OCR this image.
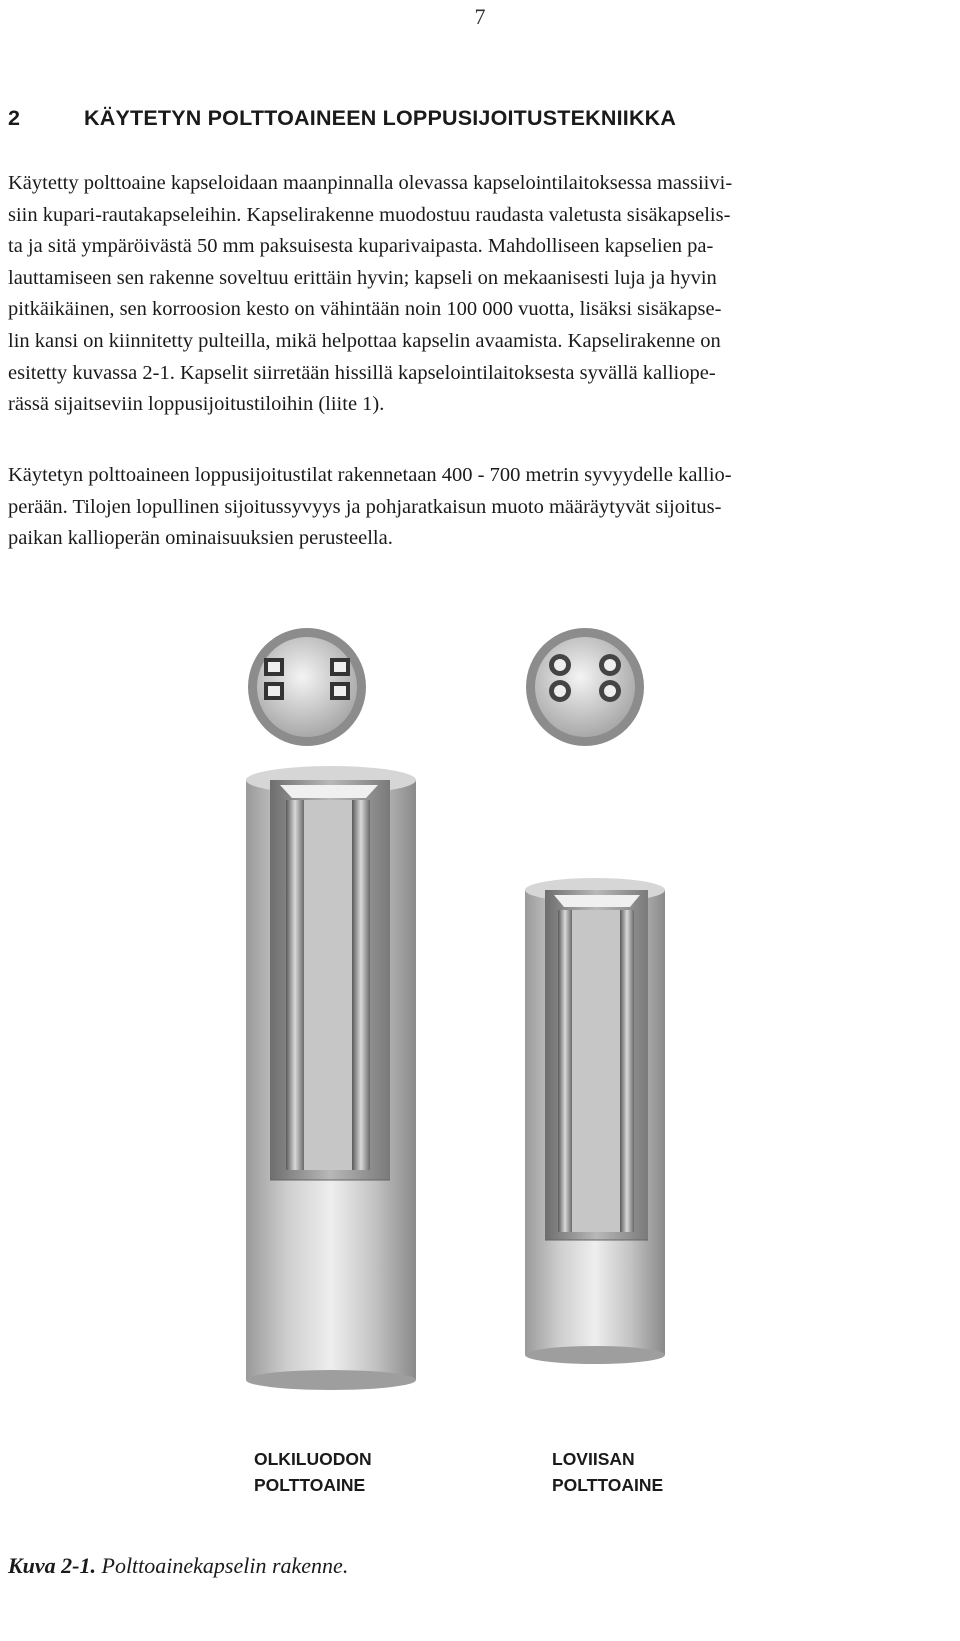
7
2	KÄYTETYN POLTTOAINEEN LOPPUSIJOITUSTEKNIIKKA

Käytetty polttoaine kapseloidaan maanpinnalla olevassa kapselointilaitoksessa massiivi-
siin kupari-rautakapseleihin. Kapselirakenne muodostuu raudasta valetusta sisäkapselis-
ta ja sitä ympäröivästä 50 mm paksuisesta kuparivaipasta. Mahdolliseen kapselien pa-
lauttamiseen sen rakenne soveltuu erittäin hyvin; kapseli on mekaanisesti luja ja hyvin
pitkäikäinen, sen korroosion kesto on vähintään noin 100 000 vuotta, lisäksi sisäkapse-
lin kansi on kiinnitetty pulteilla, mikä helpottaa kapselin avaamista. Kapselirakenne on
esitetty kuvassa 2-1. Kapselit siirretään hissillä kapselointilaitoksesta syvällä kalliope-
rässä sijaitseviin loppusijoitustiloihin (liite 1).

Käytetyn polttoaineen loppusijoitustilat rakennetaan 400 - 700 metrin syvyydelle kallio-
perään. Tilojen lopullinen sijoitussyvyys ja pohjaratkaisun muoto määräytyvät sijoitus-
paikan kallioperän ominaisuuksien perusteella.

OLKILUODON
POLTTOAINE
LOVIISAN
POLTTOAINE
Kuva 2-1. Polttoainekapselin rakenne.
